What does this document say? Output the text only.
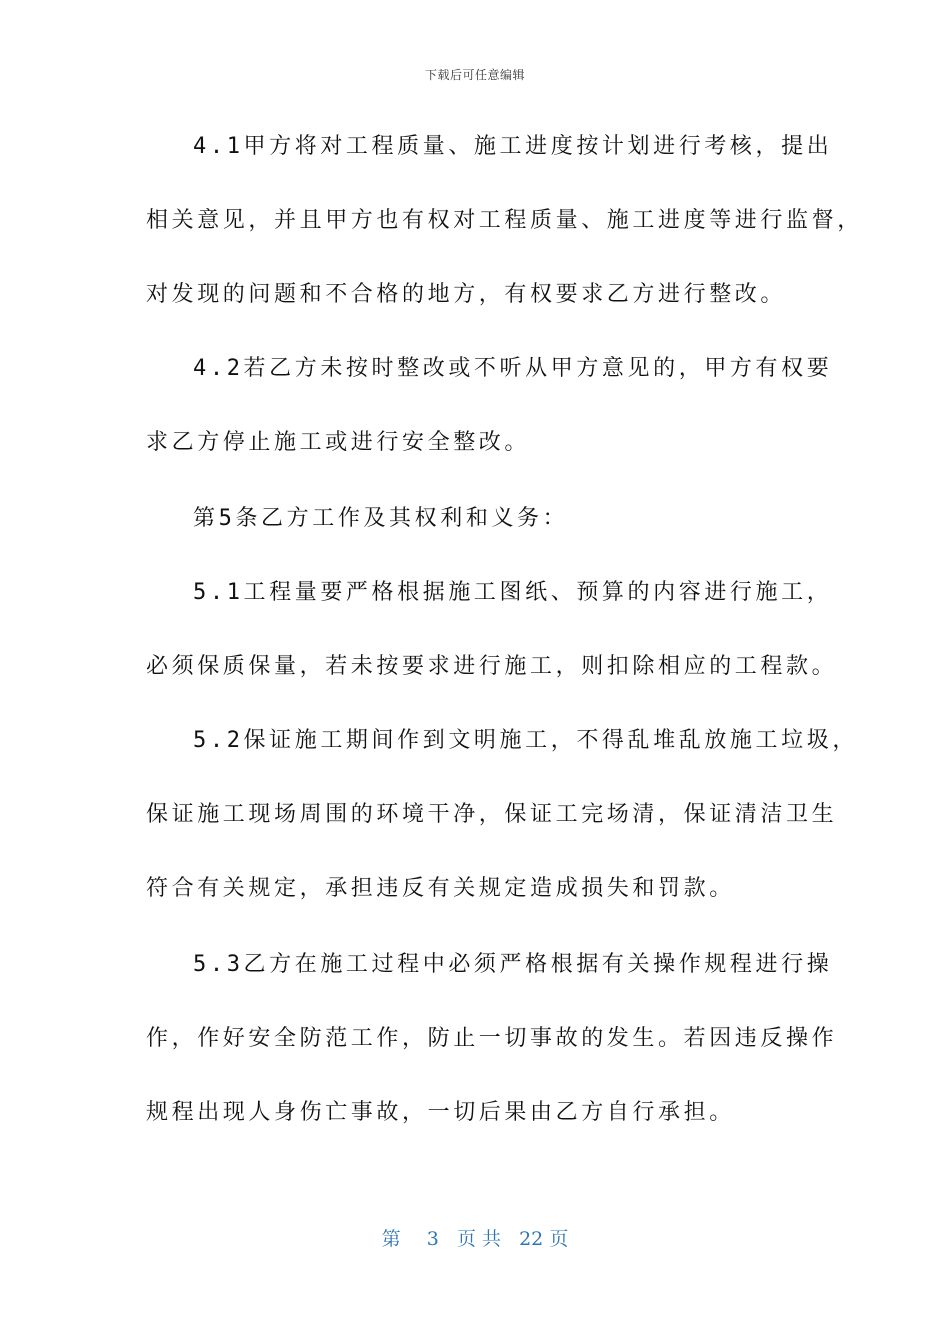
下载后可任意编辑
4.1甲方将对工程质量、施工进度按计划进行考核，提出
相关意见，并且甲方也有权对工程质量、施工进度等进行监督，
对发现的问题和不合格的地方，有权要求乙方进行整改。
4.2若乙方未按时整改或不听从甲方意见的，甲方有权要
求乙方停止施工或进行安全整改。
第5条乙方工作及其权利和义务：
5.1工程量要严格根据施工图纸、预算的内容进行施工，
必须保质保量，若未按要求进行施工，则扣除相应的工程款。
5.2保证施工期间作到文明施工，不得乱堆乱放施工垃圾，
保证施工现场周围的环境干净，保证工完场清，保证清洁卫生
符合有关规定，承担违反有关规定造成损失和罚款。
5.3乙方在施工过程中必须严格根据有关操作规程进行操
作，作好安全防范工作，防止一切事故的发生。若因违反操作
规程出现人身伤亡事故，一切后果由乙方自行承担。
第 3 页 共 22 页
